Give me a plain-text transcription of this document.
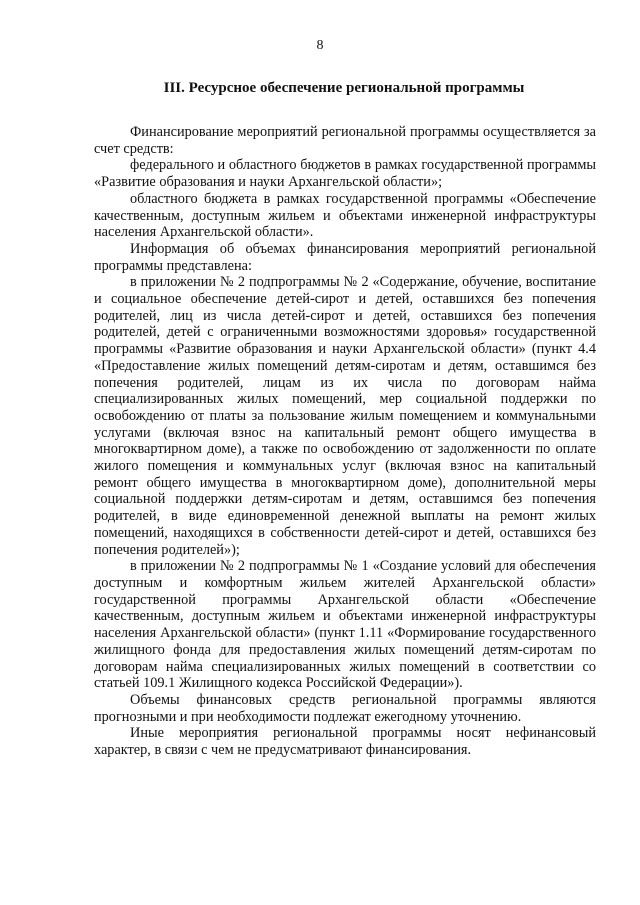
8
III. Ресурсное обеспечение региональной программы

Финансирование мероприятий региональной программы осуществляется за счет средств:

федерального и областного бюджетов в рамках государственной программы «Развитие образования и науки Архангельской области»;

областного бюджета в рамках государственной программы «Обеспечение качественным, доступным жильем и объектами инженерной инфраструктуры населения Архангельской области».

Информация об объемах финансирования мероприятий региональной программы представлена:

в приложении № 2 подпрограммы № 2 «Содержание, обучение, воспитание и социальное обеспечение детей-сирот и детей, оставшихся без попечения родителей, лиц из числа детей-сирот и детей, оставшихся без попечения родителей, детей с ограниченными возможностями здоровья» государственной программы «Развитие образования и науки Архангельской области» (пункт 4.4 «Предоставление жилых помещений детям-сиротам и детям, оставшимся без попечения родителей, лицам из их числа по договорам найма специализированных жилых помещений, мер социальной поддержки по освобождению от платы за пользование жилым помещением и коммунальными услугами (включая взнос на капитальный ремонт общего имущества в многоквартирном доме), а также по освобождению от задолженности по оплате жилого помещения и коммунальных услуг (включая взнос на капитальный ремонт общего имущества в многоквартирном доме), дополнительной меры социальной поддержки детям-сиротам и детям, оставшимся без попечения родителей, в виде единовременной денежной выплаты на ремонт жилых помещений, находящихся в собственности детей-сирот и детей, оставшихся без попечения родителей»);

в приложении № 2 подпрограммы № 1 «Создание условий для обеспечения доступным и комфортным жильем жителей Архангельской области» государственной программы Архангельской области «Обеспечение качественным, доступным жильем и объектами инженерной инфраструктуры населения Архангельской области» (пункт 1.11 «Формирование государственного жилищного фонда для предоставления жилых помещений детям-сиротам по договорам найма специализированных жилых помещений в соответствии со статьей 109.1 Жилищного кодекса Российской Федерации»).

Объемы финансовых средств региональной программы являются прогнозными и при необходимости подлежат ежегодному уточнению.

Иные мероприятия региональной программы носят нефинансовый характер, в связи с чем не предусматривают финансирования.
